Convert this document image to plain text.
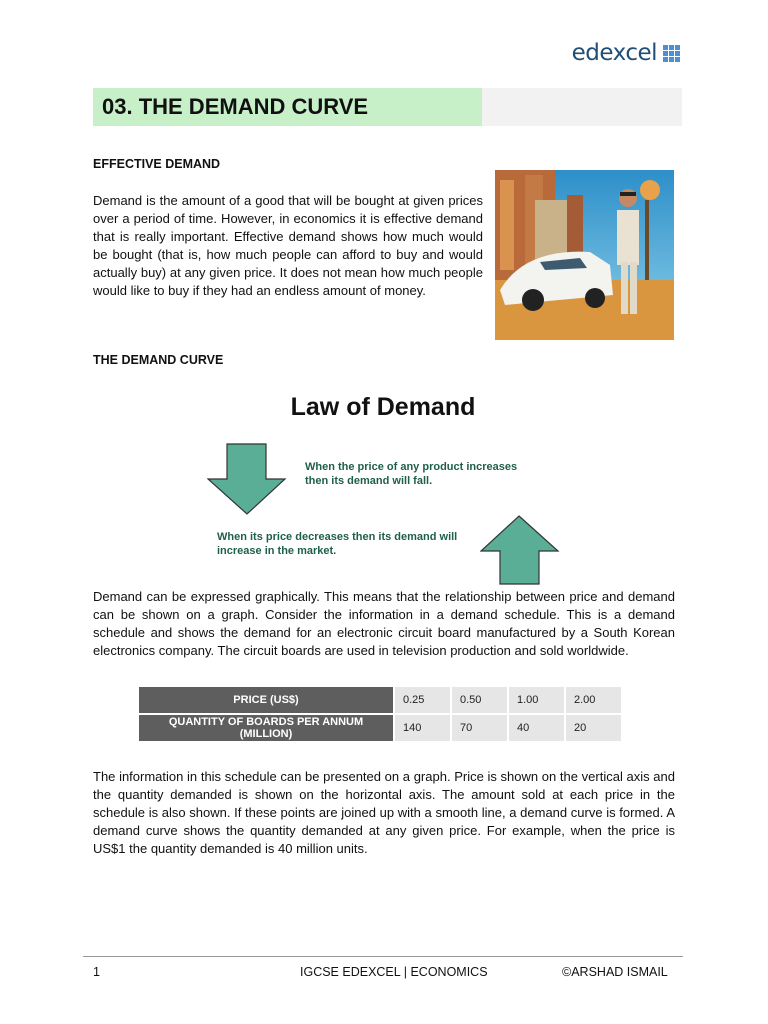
edexcel
03. THE DEMAND CURVE
EFFECTIVE DEMAND
Demand is the amount of a good that will be bought at given prices over a period of time. However, in economics it is effective demand that is really important. Effective demand shows how much would be bought (that is, how much people can afford to buy and would actually buy) at any given price. It does not mean how much people would like to buy if they had an endless amount of money.
THE DEMAND CURVE
Law of Demand
When the price of any product increases then its demand will fall.
When its price decreases then its demand will increase in the market.
Demand can be expressed graphically. This means that the relationship between price and demand can be shown on a graph. Consider the information in a demand schedule. This is a demand schedule and shows the demand for an electronic circuit board manufactured by a South Korean electronics company. The circuit boards are used in television production and sold worldwide.
PRICE (US$)	0.25	0.50	1.00	2.00
QUANTITY OF BOARDS PER ANNUM (MILLION)	140	70	40	20
The information in this schedule can be presented on a graph. Price is shown on the vertical axis and the quantity demanded is shown on the horizontal axis. The amount sold at each price in the schedule is also shown. If these points are joined up with a smooth line, a demand curve is formed. A demand curve shows the quantity demanded at any given price. For example, when the price is US$1 the quantity demanded is 40 million units.
1	IGCSE EDEXCEL | ECONOMICS	©ARSHAD ISMAIL
